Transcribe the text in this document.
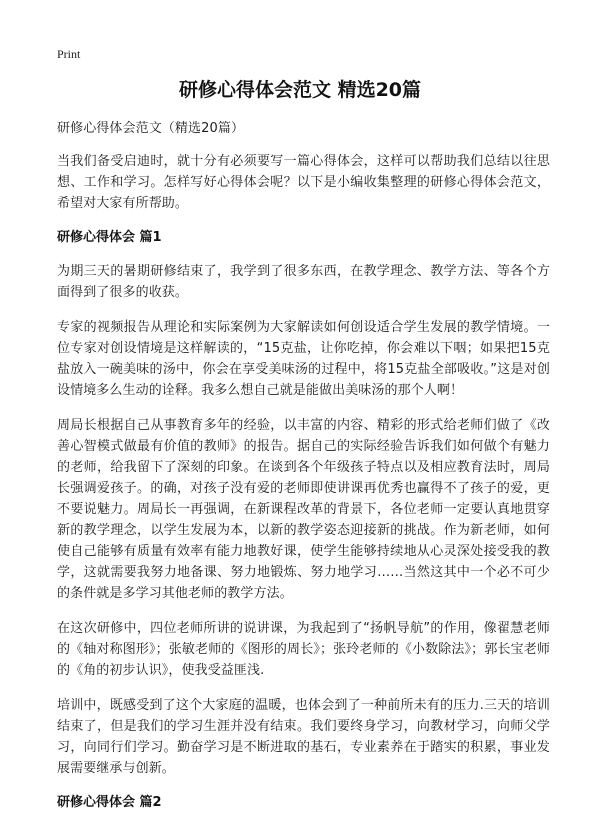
Print
研修心得体会范文 精选20篇

研修心得体会范文（精选20篇）

当我们备受启迪时，就十分有必须要写一篇心得体会，这样可以帮助我们总结以往思想、工作和学习。怎样写好心得体会呢？以下是小编收集整理的研修心得体会范文，希望对大家有所帮助。

研修心得体会 篇1

为期三天的暑期研修结束了，我学到了很多东西，在教学理念、教学方法、等各个方面得到了很多的收获。

专家的视频报告从理论和实际案例为大家解读如何创设适合学生发展的教学情境。一位专家对创设情境是这样解读的，“15克盐，让你吃掉，你会难以下咽；如果把15克盐放入一碗美味的汤中，你会在享受美味汤的过程中，将15克盐全部吸收。”这是对创设情境多么生动的诠释。我多么想自己就是能做出美味汤的那个人啊！

周局长根据自己从事教育多年的经验，以丰富的内容、精彩的形式给老师们做了《改善心智模式做最有价值的教师》的报告。据自己的实际经验告诉我们如何做个有魅力的老师，给我留下了深刻的印象。在谈到各个年级孩子特点以及相应教育法时，周局长强调爱孩子。的确，对孩子没有爱的老师即使讲课再优秀也赢得不了孩子的爱，更不要说魅力。周局长一再强调，在新课程改革的背景下，各位老师一定要认真地贯穿新的教学理念，以学生发展为本，以新的教学姿态迎接新的挑战。作为新老师，如何使自己能够有质量有效率有能力地教好课，使学生能够持续地从心灵深处接受我的教学，这就需要我努力地备课、努力地锻炼、努力地学习……当然这其中一个必不可少的条件就是多学习其他老师的教学方法。

在这次研修中，四位老师所讲的说讲课，为我起到了“扬帆导航”的作用，像翟慧老师的《轴对称图形》；张敏老师的《图形的周长》；张玲老师的《小数除法》；郭长宝老师的《角的初步认识》，使我受益匪浅.

培训中，既感受到了这个大家庭的温暖，也体会到了一种前所未有的压力.三天的培训结束了，但是我们的学习生涯并没有结束。我们要终身学习，向教材学习，向师父学习，向同行们学习。勤奋学习是不断进取的基石，专业素养在于踏实的积累，事业发展需要继承与创新。

研修心得体会 篇2
